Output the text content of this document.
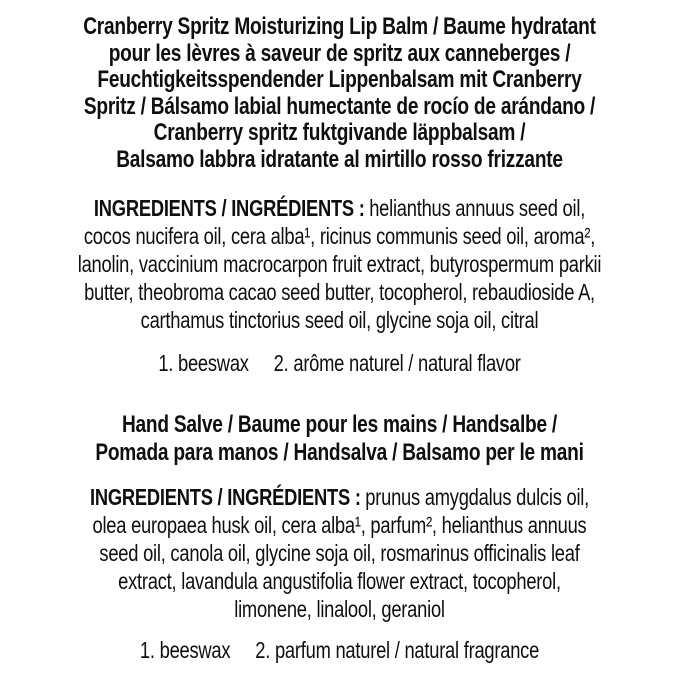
Cranberry Spritz Moisturizing Lip Balm / Baume hydratant
pour les lèvres à saveur de spritz aux canneberges /
Feuchtigkeitsspendender Lippenbalsam mit Cranberry
Spritz / Bálsamo labial humectante de rocío de arándano /
Cranberry spritz fuktgivande läppbalsam /
Balsamo labbra idratante al mirtillo rosso frizzante
INGREDIENTS / INGRÉDIENTS : helianthus annuus seed oil,
cocos nucifera oil, cera alba¹, ricinus communis seed oil, aroma²,
lanolin, vaccinium macrocarpon fruit extract, butyrospermum parkii
butter, theobroma cacao seed butter, tocopherol, rebaudioside A,
carthamus tinctorius seed oil, glycine soja oil, citral
1. beeswax 2. arôme naturel / natural flavor
Hand Salve / Baume pour les mains / Handsalbe /
Pomada para manos / Handsalva / Balsamo per le mani
INGREDIENTS / INGRÉDIENTS : prunus amygdalus dulcis oil,
olea europaea husk oil, cera alba¹, parfum², helianthus annuus
seed oil, canola oil, glycine soja oil, rosmarinus officinalis leaf
extract, lavandula angustifolia flower extract, tocopherol,
limonene, linalool, geraniol
1. beeswax 2. parfum naturel / natural fragrance
